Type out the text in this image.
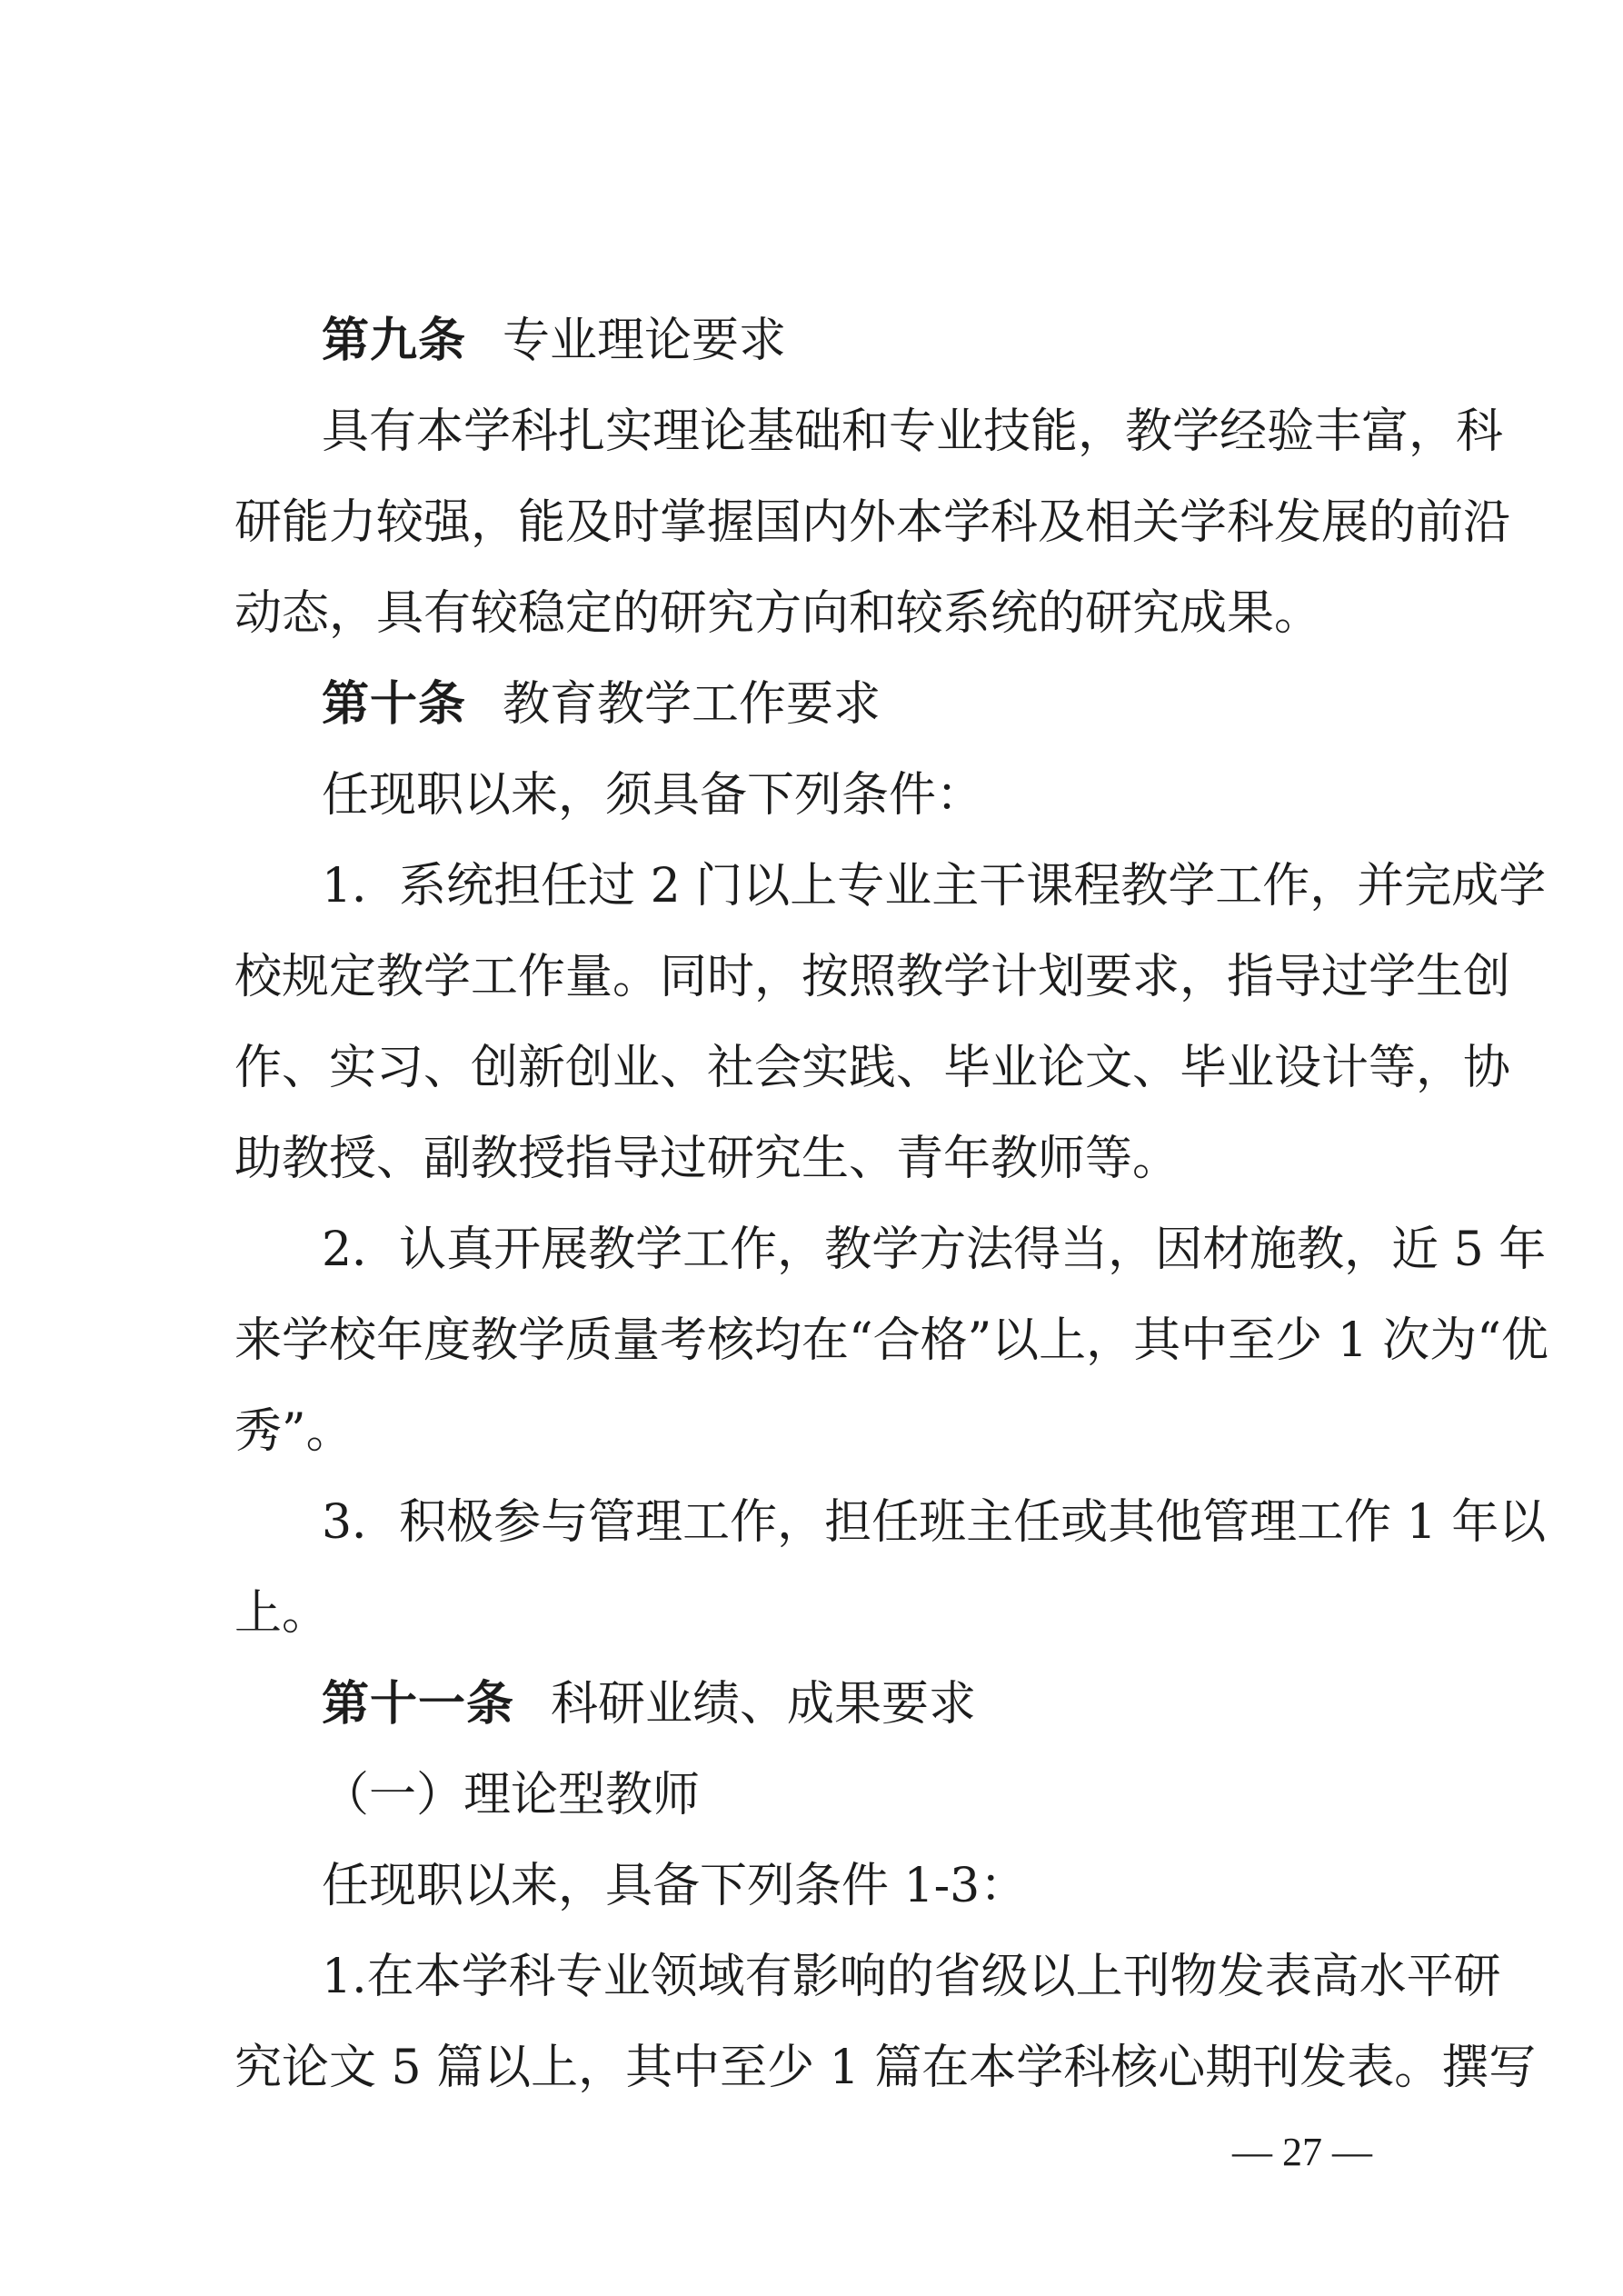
第九条 专业理论要求
具有本学科扎实理论基础和专业技能，教学经验丰富，科
研能力较强，能及时掌握国内外本学科及相关学科发展的前沿
动态，具有较稳定的研究方向和较系统的研究成果。
第十条 教育教学工作要求
任现职以来，须具备下列条件：
1．系统担任过 2 门以上专业主干课程教学工作，并完成学
校规定教学工作量。同时，按照教学计划要求，指导过学生创
作、实习、创新创业、社会实践、毕业论文、毕业设计等，协
助教授、副教授指导过研究生、青年教师等。
2．认真开展教学工作，教学方法得当，因材施教，近 5 年
来学校年度教学质量考核均在“合格”以上，其中至少 1 次为“优
秀”。
3．积极参与管理工作，担任班主任或其他管理工作 1 年以
上。
第十一条 科研业绩、成果要求
（一）理论型教师
任现职以来，具备下列条件 1-3：
1.在本学科专业领域有影响的省级以上刊物发表高水平研
究论文 5 篇以上，其中至少 1 篇在本学科核心期刊发表。撰写
— 27 —
